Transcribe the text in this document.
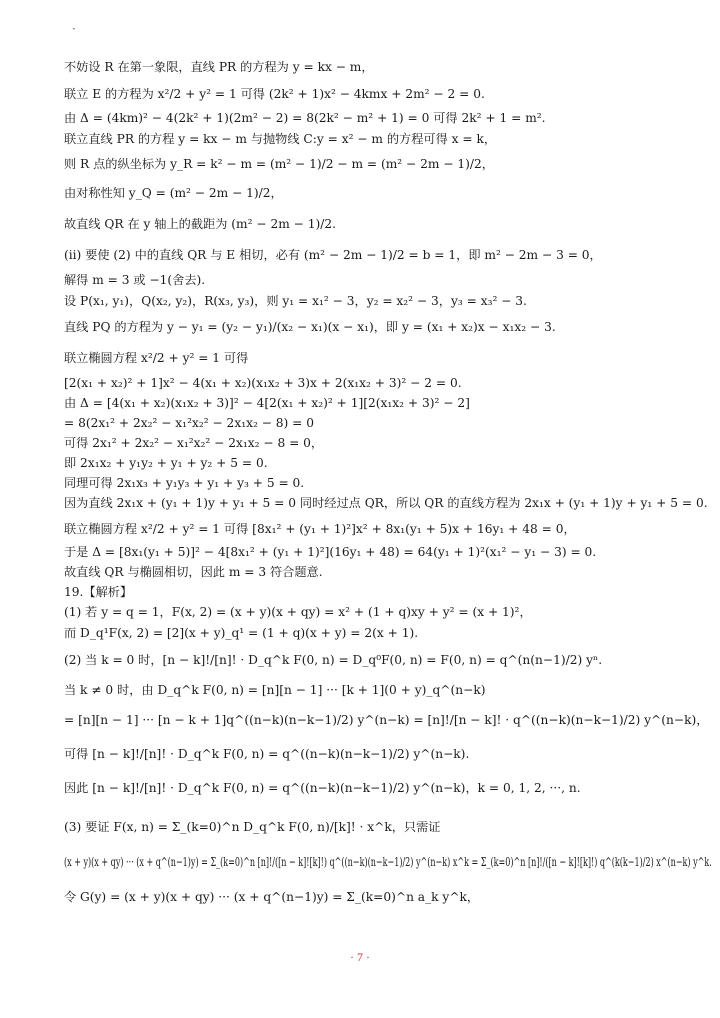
·
不妨设 R 在第一象限，直线 PR 的方程为 y = kx − m，
联立 E 的方程为 x²/2 + y² = 1 可得 (2k² + 1)x² − 4kmx + 2m² − 2 = 0.
由 Δ = (4km)² − 4(2k² + 1)(2m² − 2) = 8(2k² − m² + 1) = 0 可得 2k² + 1 = m².
联立直线 PR 的方程 y = kx − m 与抛物线 C:y = x² − m 的方程可得 x = k，
则 R 点的纵坐标为 y_R = k² − m = (m² − 1)/2 − m = (m² − 2m − 1)/2，
由对称性知 y_Q = (m² − 2m − 1)/2，
故直线 QR 在 y 轴上的截距为 (m² − 2m − 1)/2.
(ii) 要使 (2) 中的直线 QR 与 E 相切，必有 (m² − 2m − 1)/2 = b = 1，即 m² − 2m − 3 = 0，
解得 m = 3 或 −1(舍去).
设 P(x₁, y₁)，Q(x₂, y₂)，R(x₃, y₃)，则 y₁ = x₁² − 3，y₂ = x₂² − 3，y₃ = x₃² − 3.
直线 PQ 的方程为 y − y₁ = (y₂ − y₁)/(x₂ − x₁)(x − x₁)，即 y = (x₁ + x₂)x − x₁x₂ − 3.
联立椭圆方程 x²/2 + y² = 1 可得
[2(x₁ + x₂)² + 1]x² − 4(x₁ + x₂)(x₁x₂ + 3)x + 2(x₁x₂ + 3)² − 2 = 0.
由 Δ = [4(x₁ + x₂)(x₁x₂ + 3)]² − 4[2(x₁ + x₂)² + 1][2(x₁x₂ + 3)² − 2]
= 8(2x₁² + 2x₂² − x₁²x₂² − 2x₁x₂ − 8) = 0
可得 2x₁² + 2x₂² − x₁²x₂² − 2x₁x₂ − 8 = 0，
即 2x₁x₂ + y₁y₂ + y₁ + y₂ + 5 = 0.
同理可得 2x₁x₃ + y₁y₃ + y₁ + y₃ + 5 = 0.
因为直线 2x₁x + (y₁ + 1)y + y₁ + 5 = 0 同时经过点 QR，所以 QR 的直线方程为 2x₁x + (y₁ + 1)y + y₁ + 5 = 0.
联立椭圆方程 x²/2 + y² = 1 可得 [8x₁² + (y₁ + 1)²]x² + 8x₁(y₁ + 5)x + 16y₁ + 48 = 0，
于是 Δ = [8x₁(y₁ + 5)]² − 4[8x₁² + (y₁ + 1)²](16y₁ + 48) = 64(y₁ + 1)²(x₁² − y₁ − 3) = 0.
故直线 QR 与椭圆相切，因此 m = 3 符合题意.
19.【解析】
(1) 若 y = q = 1，F(x, 2) = (x + y)(x + qy) = x² + (1 + q)xy + y² = (x + 1)²，
而 D_q¹F(x, 2) = [2](x + y)_q¹ = (1 + q)(x + y) = 2(x + 1).
(2) 当 k = 0 时，[n − k]!/[n]! · D_q^k F(0, n) = D_q⁰F(0, n) = F(0, n) = q^(n(n−1)/2) yⁿ.
当 k ≠ 0 时，由 D_q^k F(0, n) = [n][n − 1] ··· [k + 1](0 + y)_q^(n−k)
= [n][n − 1] ··· [n − k + 1]q^((n−k)(n−k−1)/2) y^(n−k) = [n]!/[n − k]! · q^((n−k)(n−k−1)/2) y^(n−k)，
可得 [n − k]!/[n]! · D_q^k F(0, n) = q^((n−k)(n−k−1)/2) y^(n−k).
因此 [n − k]!/[n]! · D_q^k F(0, n) = q^((n−k)(n−k−1)/2) y^(n−k)，k = 0, 1, 2, ···, n.
(3) 要证 F(x, n) = Σ_(k=0)^n D_q^k F(0, n)/[k]! · x^k，只需证
(x + y)(x + qy) ··· (x + q^(n−1)y) = Σ_(k=0)^n [n]!/([n − k]![k]!) q^((n−k)(n−k−1)/2) y^(n−k) x^k = Σ_(k=0)^n [n]!/([n − k]![k]!) q^(k(k−1)/2) x^(n−k) y^k.
令 G(y) = (x + y)(x + qy) ··· (x + q^(n−1)y) = Σ_(k=0)^n a_k y^k，
· 7 ·
